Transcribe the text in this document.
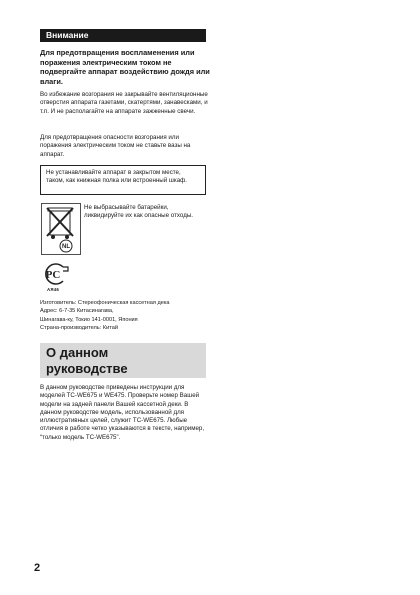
Внимание

Для предотвращения воспламенения или поражения электрическим током не подвергайте аппарат воздействию дождя или влаги.

Во избежание возгорания не закрывайте вентиляционные отверстия аппарата газетами, скатертями, занавесками, и т.п. И не располагайте на аппарате зажженные свечи.

Для предотвращения опасности возгорания или поражения электрическим током не ставьте вазы на аппарат.

Не устанавливайте аппарат в закрытом месте, таком, как книжная полка или встроенный шкаф.
NL

Не выбрасывайте батарейки, ликвидируйте их как опасные отходы.

PC
АЯ46
Изготовитель: Стереофоническая кассетная дека
Адрес: 6-7-35 Китасинагава,
Шинагава-ку, Токио 141-0001, Япония
Страна-производитель: Китай
О данном
руководстве

В данном руководстве приведены инструкции для моделей TC-WE675 и WE475. Проверьте номер Вашей модели на задней панели Вашей кассетной деки. В данном руководстве модель, использованной для иллюстративных целей, служит TC-WE675. Любые отличия в работе четко указываются в тексте, например, “только модель TC-WE675”.

2
